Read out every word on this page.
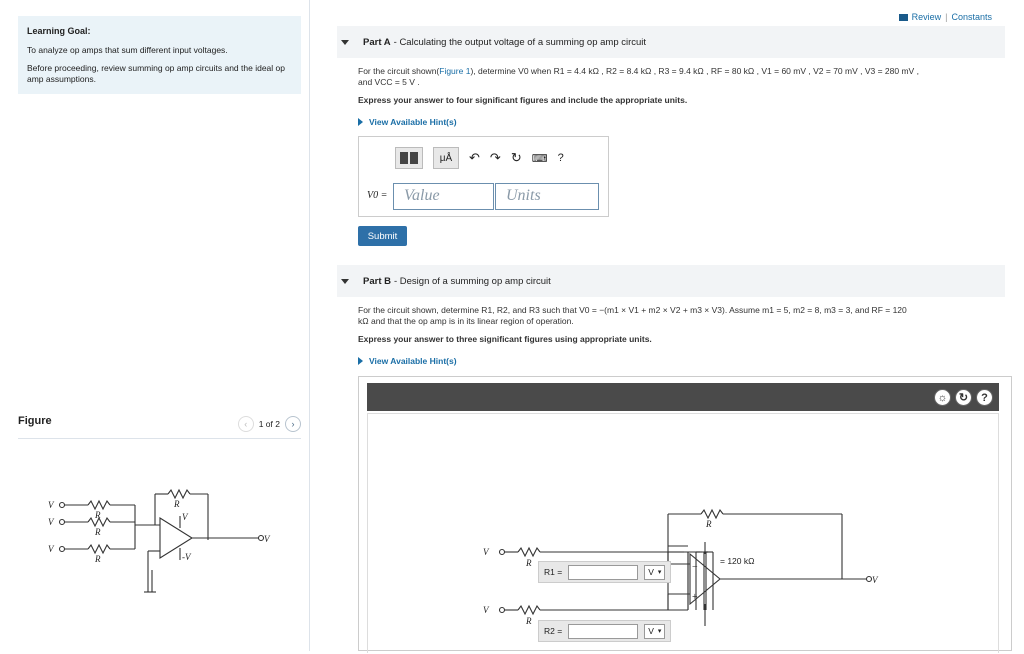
Learning Goal:

To analyze op amps that sum different input voltages.

Before proceeding, review summing op amp circuits and the ideal op amp assumptions.

Figure	‹	1 of 2	›
V
V
V
R
R
R
R
V
-V
V
Review | Constants
Part A - Calculating the output voltage of a summing op amp circuit
For the circuit shown(Figure 1), determine V0 when R1 = 4.4 kΩ , R2 = 8.4 kΩ , R3 = 9.4 kΩ , RF = 80 kΩ , V1 = 60 mV , V2 = 70 mV , V3 = 280 mV ,
and VCC = 5 V .
Express your answer to four significant figures and include the appropriate units.
View Available Hint(s)
μÅ	↶ ↷ ↻ ⌨ ?
V0 =	Value	Units
Submit
Part B - Design of a summing op amp circuit
For the circuit shown, determine R1, R2, and R3 such that V0 = −(m1 × V1 + m2 × V2 + m3 × V3). Assume m1 = 5, m2 = 8, m3 = 3, and RF = 120
kΩ and that the op amp is in its linear region of operation.
Express your answer to three significant figures using appropriate units.
View Available Hint(s)
☼	↻	?
V
R
V
R
R
V
−
+
R1 =	V ▾
R2 =	V ▾
= 120 kΩ
